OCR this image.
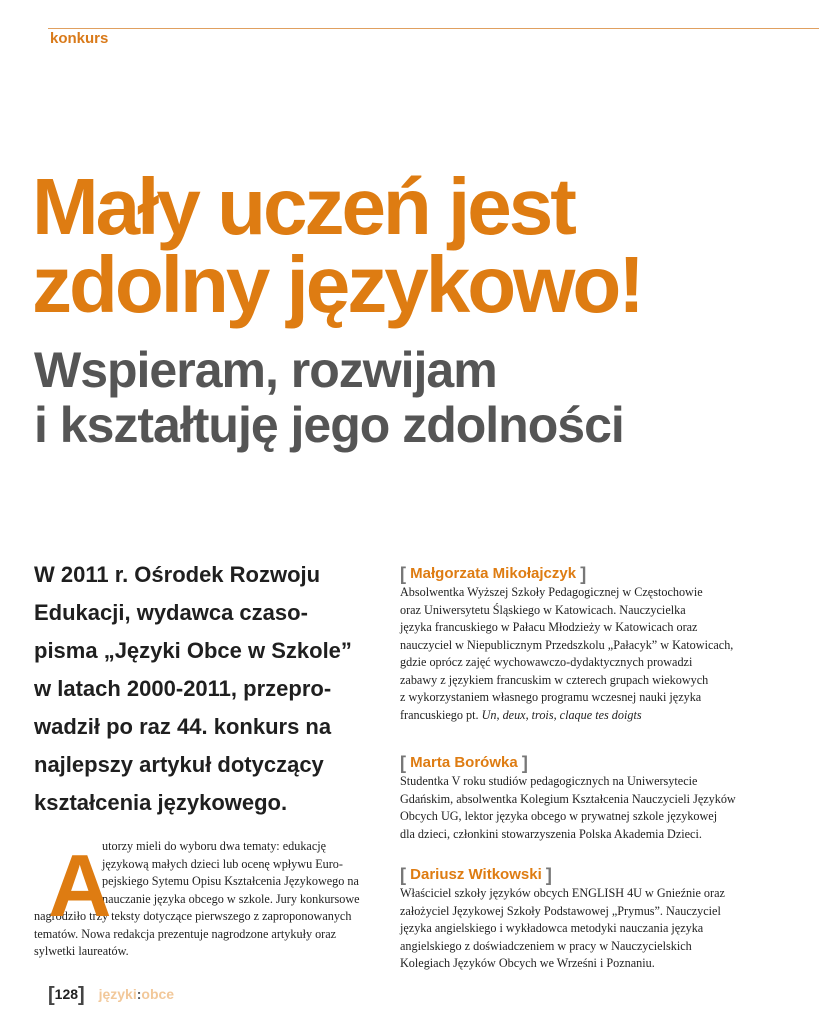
konkurs
Mały uczeń jest
zdolny językowo!
Wspieram, rozwijam
i kształtuję jego zdolności
W 2011 r. Ośrodek Rozwoju
Edukacji, wydawca czaso-
pisma „Języki Obce w Szkole”
w latach 2000-2011, przepro-
wadził po raz 44. konkurs na
najlepszy artykuł dotyczący
kształcenia językowego.
A
utorzy mieli do wyboru dwa tematy: edukację
językową małych dzieci lub ocenę wpływu Euro-
pejskiego Sytemu Opisu Kształcenia Językowego na
nauczanie języka obcego w szkole. Jury konkursowe
nagrodziło trzy teksty dotyczące pierwszego z zaproponowanych
tematów. Nowa redakcja prezentuje nagrodzone artykuły oraz
sylwetki laureatów.
[ Małgorzata Mikołajczyk ]
Absolwentka Wyższej Szkoły Pedagogicznej w Częstochowie
oraz Uniwersytetu Śląskiego w Katowicach. Nauczycielka
języka francuskiego w Pałacu Młodzieży w Katowicach oraz
nauczyciel w Niepublicznym Przedszkolu „Pałacyk” w Katowicach,
gdzie oprócz zajęć wychowawczo-dydaktycznych prowadzi
zabawy z językiem francuskim w czterech grupach wiekowych
z wykorzystaniem własnego programu wczesnej nauki języka
francuskiego pt. Un, deux, trois, claque tes doigts
[ Marta Borówka ]
Studentka V roku studiów pedagogicznych na Uniwersytecie
Gdańskim, absolwentka Kolegium Kształcenia Nauczycieli Języków
Obcych UG, lektor języka obcego w prywatnej szkole językowej
dla dzieci, członkini stowarzyszenia Polska Akademia Dzieci.
[ Dariusz Witkowski ]
Właściciel szkoły języków obcych ENGLISH 4U w Gnieźnie oraz
założyciel Językowej Szkoły Podstawowej „Prymus”. Nauczyciel
języka angielskiego i wykładowca metodyki nauczania języka
angielskiego z doświadczeniem w pracy w Nauczycielskich
Kolegiach Języków Obcych we Wrześni i Poznaniu.
[128] języki:obce
